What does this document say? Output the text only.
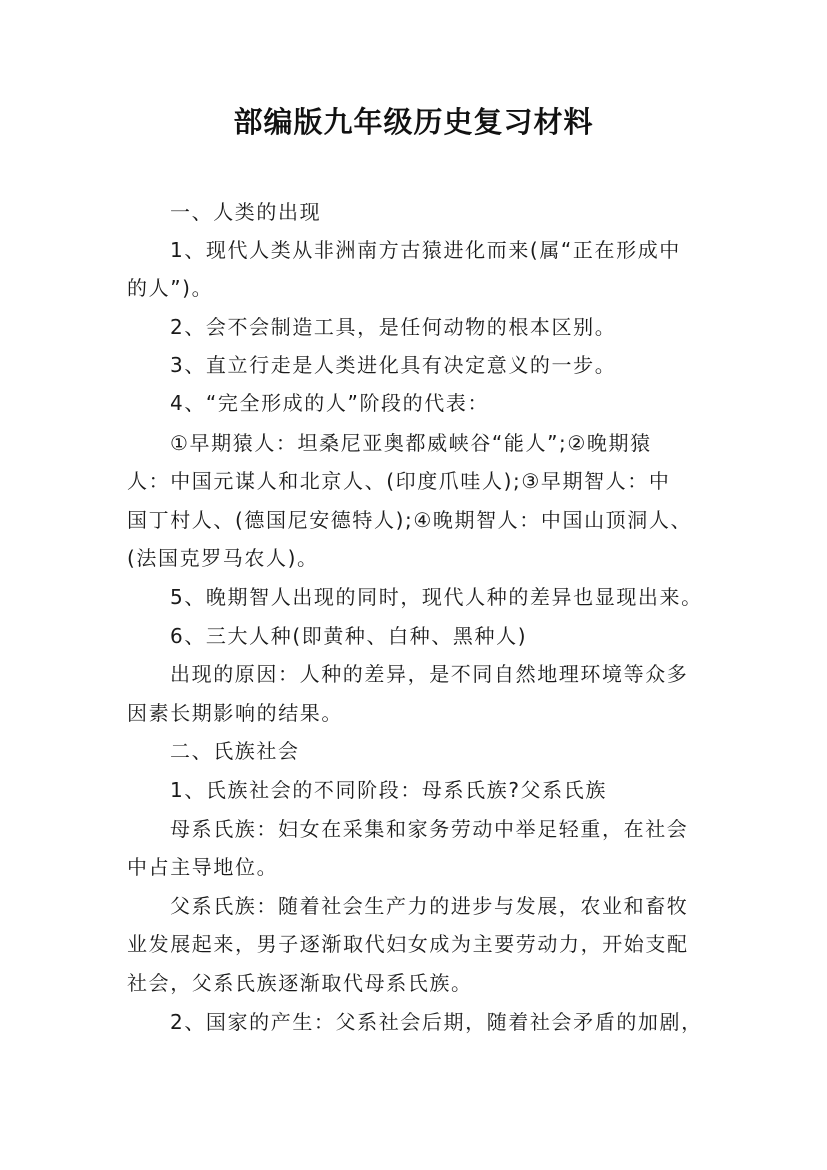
部编版九年级历史复习材料
一、人类的出现
1、现代人类从非洲南方古猿进化而来(属“正在形成中
的人”)。
2、会不会制造工具，是任何动物的根本区别。
3、直立行走是人类进化具有决定意义的一步。
4、“完全形成的人”阶段的代表：
①早期猿人：坦桑尼亚奥都威峡谷“能人”;②晚期猿
人：中国元谋人和北京人、(印度爪哇人);③早期智人：中
国丁村人、(德国尼安德特人);④晚期智人：中国山顶洞人、
(法国克罗马农人)。
5、晚期智人出现的同时，现代人种的差异也显现出来。
6、三大人种(即黄种、白种、黑种人)
出现的原因：人种的差异，是不同自然地理环境等众多
因素长期影响的结果。
二、氏族社会
1、氏族社会的不同阶段：母系氏族?父系氏族
母系氏族：妇女在采集和家务劳动中举足轻重，在社会
中占主导地位。
父系氏族：随着社会生产力的进步与发展，农业和畜牧
业发展起来，男子逐渐取代妇女成为主要劳动力，开始支配
社会，父系氏族逐渐取代母系氏族。
2、国家的产生：父系社会后期，随着社会矛盾的加剧，
